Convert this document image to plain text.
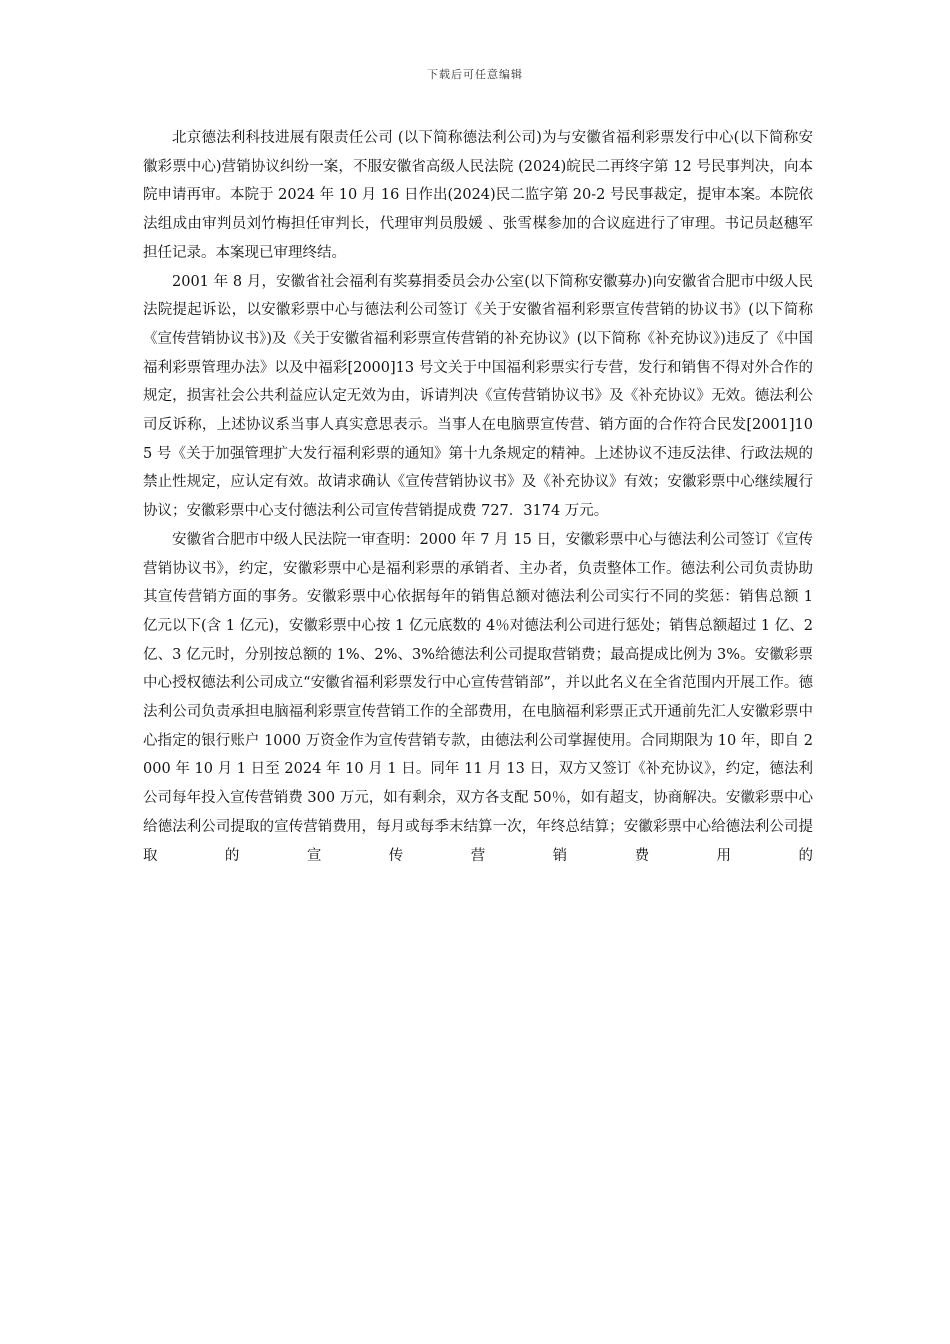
下载后可任意编辑

北京德法利科技进展有限责任公司 (以下简称德法利公司)为与安徽省福利彩票发行中心(以下简称安徽彩票中心)营销协议纠纷一案，不服安徽省高级人民法院 (2024)皖民二再终字第 12 号民事判决，向本院申请再审。本院于 2024 年 10 月 16 日作出(2024)民二监字第 20-2 号民事裁定，提审本案。本院依法组成由审判员刘竹梅担任审判长，代理审判员殷媛 、张雪楳参加的合议庭进行了审理。书记员赵穗军担任记录。本案现已审理终结。

2001 年 8 月，安徽省社会福利有奖募捐委员会办公室(以下简称安徽募办)向安徽省合肥市中级人民法院提起诉讼，以安徽彩票中心与德法利公司签订《关于安徽省福利彩票宣传营销的协议书》(以下简称《宣传营销协议书》)及《关于安徽省福利彩票宣传营销的补充协议》(以下简称《补充协议》)违反了《中国福利彩票管理办法》以及中福彩[2000]13 号文关于中国福利彩票实行专营，发行和销售不得对外合作的规定，损害社会公共利益应认定无效为由，诉请判决《宣传营销协议书》及《补充协议》无效。德法利公司反诉称，上述协议系当事人真实意思表示。当事人在电脑票宣传营、销方面的合作符合民发[2001]105 号《关于加强管理扩大发行福利彩票的通知》第十九条规定的精神。上述协议不违反法律、行政法规的禁止性规定，应认定有效。故请求确认《宣传营销协议书》及《补充协议》有效；安徽彩票中心继续履行协议；安徽彩票中心支付德法利公司宣传营销提成费 727．3174 万元。

安徽省合肥市中级人民法院一审查明：2000 年 7 月 15 日，安徽彩票中心与德法利公司签订《宣传营销协议书》，约定，安徽彩票中心是福利彩票的承销者、主办者，负责整体工作。德法利公司负责协助其宣传营销方面的事务。安徽彩票中心依据每年的销售总额对德法利公司实行不同的奖惩：销售总额 1 亿元以下(含 1 亿元)，安徽彩票中心按 1 亿元底数的 4％对德法利公司进行惩处；销售总额超过 1 亿、2 亿、3 亿元时，分别按总额的 1%、2%、3%给德法利公司提取营销费；最高提成比例为 3%。安徽彩票中心授权德法利公司成立“安徽省福利彩票发行中心宣传营销部”，并以此名义在全省范围内开展工作。德法利公司负责承担电脑福利彩票宣传营销工作的全部费用，在电脑福利彩票正式开通前先汇人安徽彩票中心指定的银行账户 1000 万资金作为宣传营销专款，由德法利公司掌握使用。合同期限为 10 年，即自 2000 年 10 月 1 日至 2024 年 10 月 1 日。同年 11 月 13 日，双方又签订《补充协议》，约定，德法利公司每年投入宣传营销费 300 万元，如有剩余，双方各支配 50％，如有超支，协商解决。安徽彩票中心给德法利公司提取的宣传营销费用，每月或每季末结算一次，年终总结算；安徽彩票中心给德法利公司提取的宣传营销费用的
